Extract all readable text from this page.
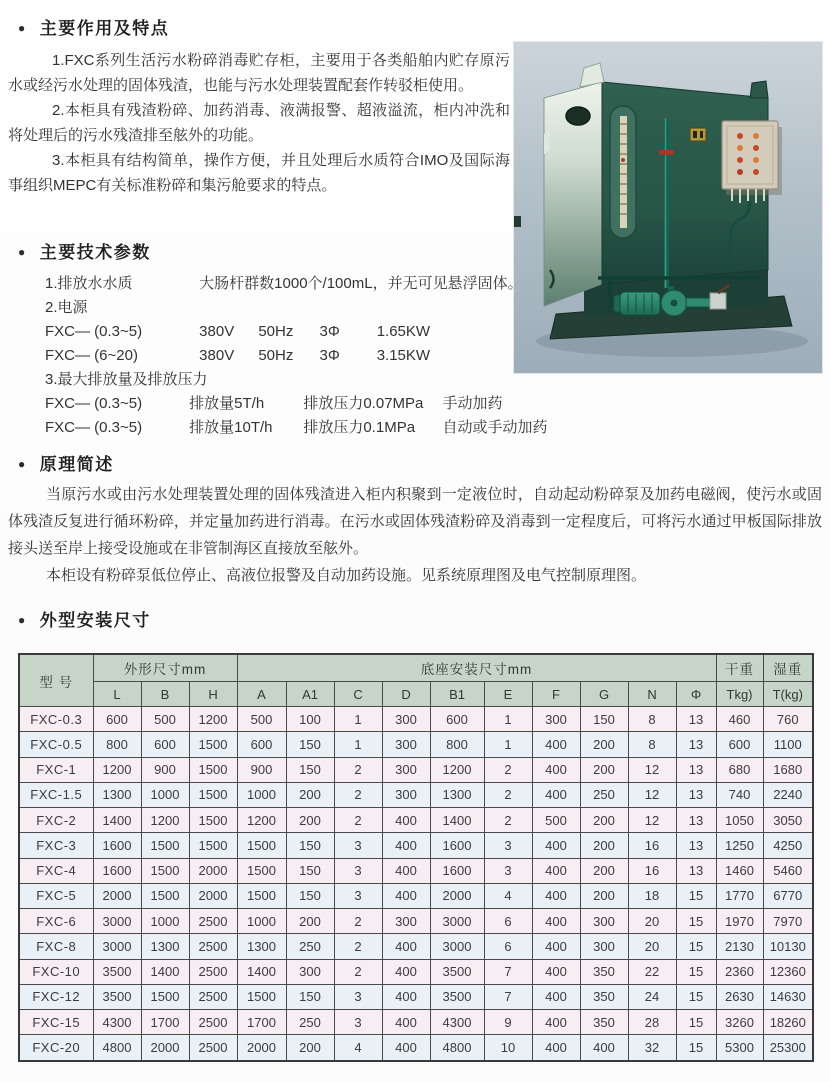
● 主要作用及特点

1.FXC系列生活污水粉碎消毒贮存柜，主要用于各类船舶内贮存原污水或经污水处理的固体残渣，也能与污水处理装置配套作转驳柜使用。

2.本柜具有残渣粉碎、加药消毒、液满报警、超液溢流，柜内冲洗和将处理后的污水残渣排至舷外的功能。

3.本柜具有结构简单，操作方便，并且处理后水质符合IMO及国际海事组织MEPC有关标准粉碎和集污舱要求的特点。

● 主要技术参数
1.排放水水质	大肠杆群数1000个/100mL，并无可见悬浮固体。
2.电源
FXC— (0.3~5)	380V 50Hz 3Φ 1.65KW
FXC— (6~20)	380V 50Hz 3Φ 3.15KW
3.最大排放量及排放压力
FXC— (0.3~5)	排放量5T/h	排放压力0.07MPa 手动加药
FXC— (0.3~5)	排放量10T/h 排放压力0.1MPa 自动或手动加药
● 原理简述

当原污水或由污水处理装置处理的固体残渣进入柜内积聚到一定液位时，自动起动粉碎泵及加药电磁阀，使污水或固体残渣反复进行循环粉碎，并定量加药进行消毒。在污水或固体残渣粉碎及消毒到一定程度后，可将污水通过甲板国际排放接头送至岸上接受设施或在非管制海区直接放至舷外。

本柜设有粉碎泵低位停止、高液位报警及自动加药设施。见系统原理图及电气控制原理图。

● 外型安装尺寸
型 号	外形尺寸mm			底座安装尺寸mm										干重	湿重
	L	B	H	A	A1	C	D	B1	E	F	G	N	Φ	Tkg)	T(kg)
FXC-0.3	600	500	1200	500	100	1	300	600	1	300	150	8	13	460	760
FXC-0.5	800	600	1500	600	150	1	300	800	1	400	200	8	13	600	1100
FXC-1	1200	900	1500	900	150	2	300	1200	2	400	200	12	13	680	1680
FXC-1.5	1300	1000	1500	1000	200	2	300	1300	2	400	250	12	13	740	2240
FXC-2	1400	1200	1500	1200	200	2	400	1400	2	500	200	12	13	1050	3050
FXC-3	1600	1500	1500	1500	150	3	400	1600	3	400	200	16	13	1250	4250
FXC-4	1600	1500	2000	1500	150	3	400	1600	3	400	200	16	13	1460	5460
FXC-5	2000	1500	2000	1500	150	3	400	2000	4	400	200	18	15	1770	6770
FXC-6	3000	1000	2500	1000	200	2	300	3000	6	400	300	20	15	1970	7970
FXC-8	3000	1300	2500	1300	250	2	400	3000	6	400	300	20	15	2130	10130
FXC-10	3500	1400	2500	1400	300	2	400	3500	7	400	350	22	15	2360	12360
FXC-12	3500	1500	2500	1500	150	3	400	3500	7	400	350	24	15	2630	14630
FXC-15	4300	1700	2500	1700	250	3	400	4300	9	400	350	28	15	3260	18260
FXC-20	4800	2000	2500	2000	200	4	400	4800	10	400	400	32	15	5300	25300
